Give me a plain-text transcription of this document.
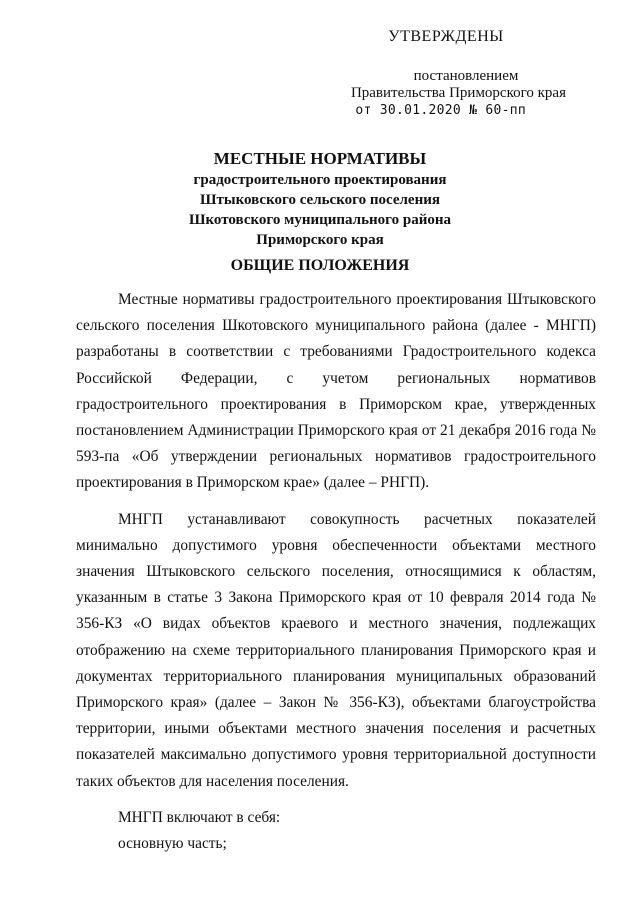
УТВЕРЖДЕНЫ
постановлением
Правительства Приморского края
от 30.01.2020 № 60-пп
МЕСТНЫЕ НОРМАТИВЫ
градостроительного проектирования
Штыковского сельского поселения
Шкотовского муниципального района
Приморского края
ОБЩИЕ ПОЛОЖЕНИЯ

Местные нормативы градостроительного проектирования Штыковского сельского поселения Шкотовского муниципального района (далее - МНГП) разработаны в соответствии с требованиями Градостроительного кодекса Российской Федерации, с учетом региональных нормативов градостроительного проектирования в Приморском крае, утвержденных постановлением Администрации Приморского края от 21 декабря 2016 года № 593-па «Об утверждении региональных нормативов градостроительного проектирования в Приморском крае» (далее – РНГП).

МНГП устанавливают совокупность расчетных показателей минимально допустимого уровня обеспеченности объектами местного значения Штыковского сельского поселения, относящимися к областям, указанным в статье 3 Закона Приморского края от 10 февраля 2014 года № 356-КЗ «О видах объектов краевого и местного значения, подлежащих отображению на схеме территориального планирования Приморского края и документах территориального планирования муниципальных образований Приморского края» (далее – Закон № 356-КЗ), объектами благоустройства территории, иными объектами местного значения поселения и расчетных показателей максимально допустимого уровня территориальной доступности таких объектов для населения поселения.

МНГП включают в себя:

основную часть;
